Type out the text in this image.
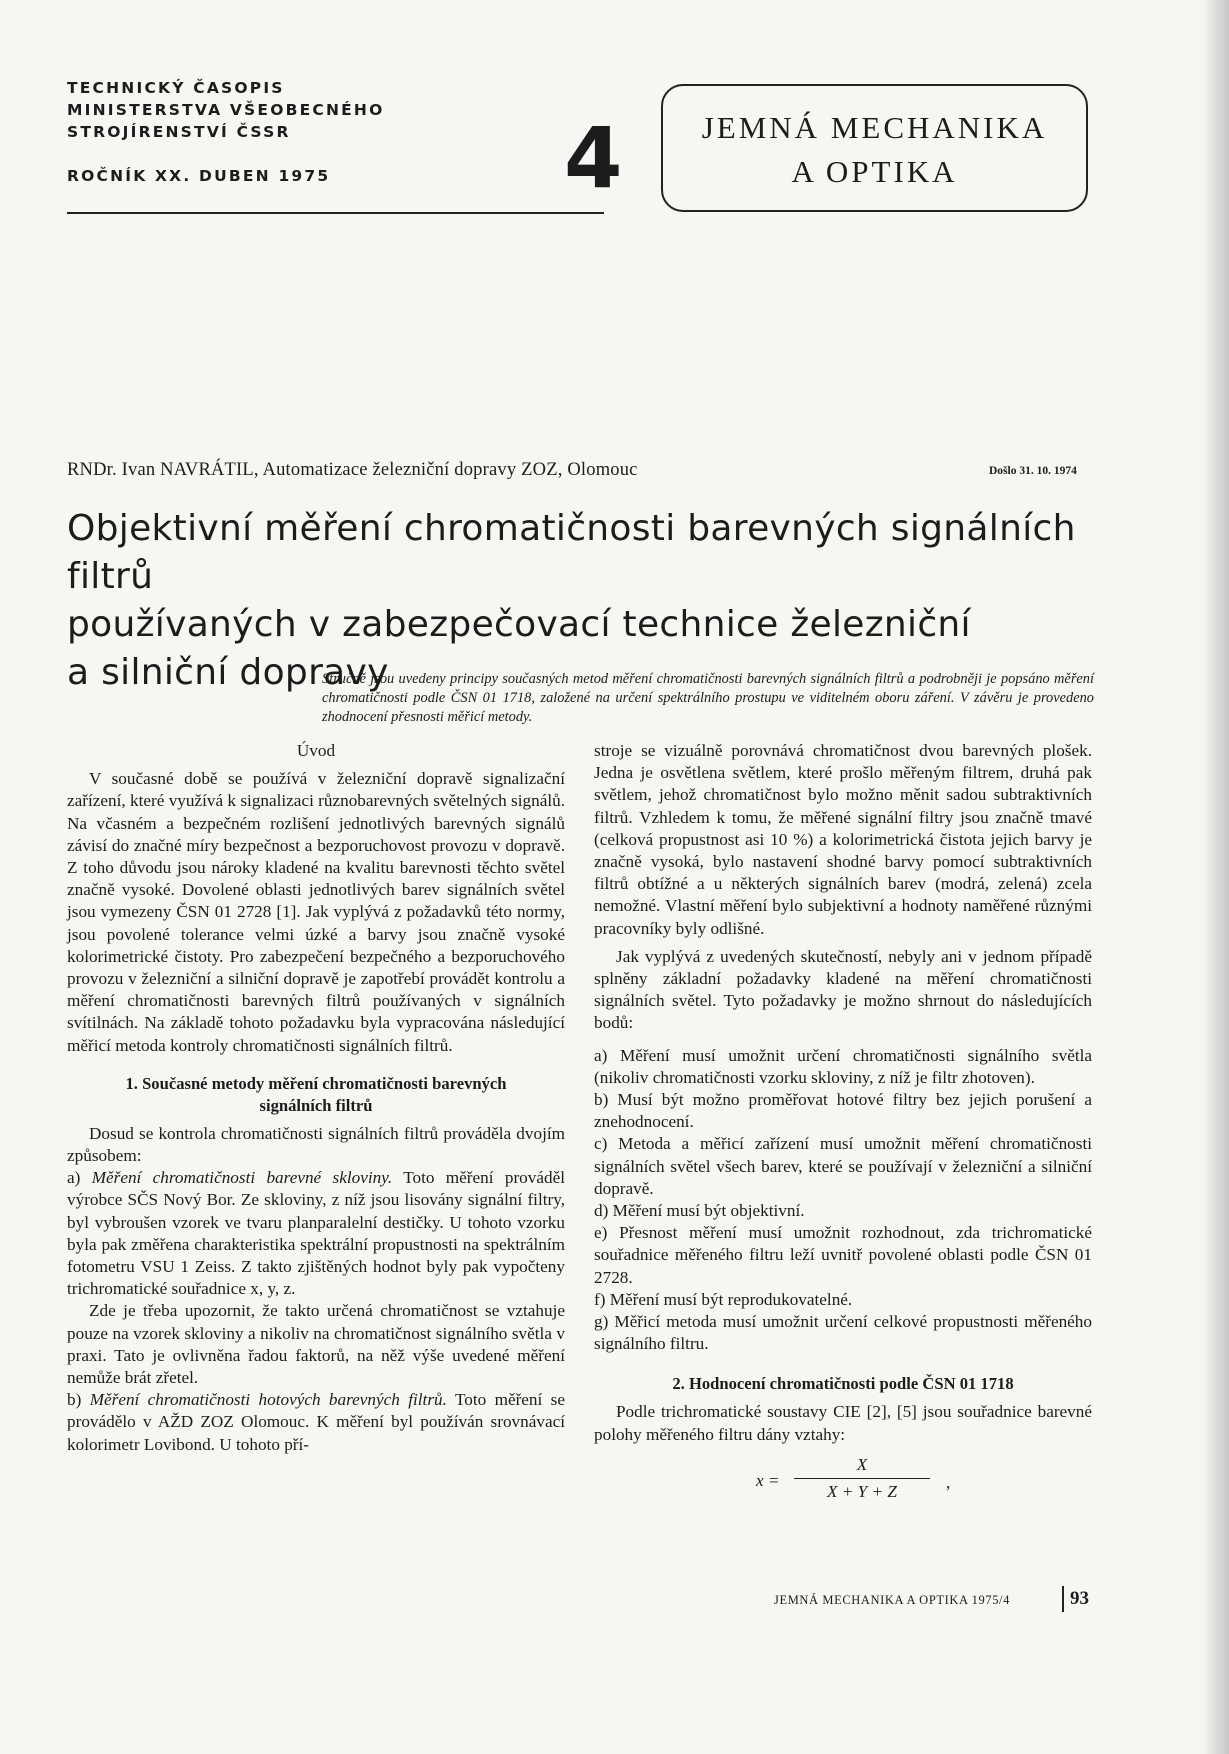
TECHNICKÝ ČASOPIS
MINISTERSTVA VŠEOBECNÉHO
STROJÍRENSTVÍ ČSSR
ROČNÍK XX. DUBEN 1975	4	JEMNÁ MECHANIKA
A OPTIKA
RNDr. Ivan NAVRÁTIL, Automatizace železniční dopravy ZOZ, Olomouc	Došlo 31. 10. 1974
Objektivní měření chromatičnosti barevných signálních filtrů
používaných v zabezpečovací technice železniční
a silniční dopravy
Stručně jsou uvedeny principy současných metod měření chromatičnosti barevných signálních filtrů a podrobněji je popsáno měření chromatičnosti podle ČSN 01 1718, založené na určení spektrálního prostupu ve viditelném oboru záření. V závěru je provedeno zhodnocení přesnosti měřicí metody.

Úvod

V současné době se používá v železniční dopravě signalizační zařízení, které využívá k signalizaci různobarevných světelných signálů. Na včasném a bezpečném rozlišení jednotlivých barevných signálů závisí do značné míry bezpečnost a bezporuchovost provozu v dopravě. Z toho důvodu jsou nároky kladené na kvalitu barevnosti těchto světel značně vysoké. Dovolené oblasti jednotlivých barev signálních světel jsou vymezeny ČSN 01 2728 [1]. Jak vyplývá z požadavků této normy, jsou povolené tolerance velmi úzké a barvy jsou značně vysoké kolorimetrické čistoty. Pro zabezpečení bezpečného a bezporuchového provozu v železniční a silniční dopravě je zapotřebí provádět kontrolu a měření chromatičnosti barevných filtrů používaných v signálních svítilnách. Na základě tohoto požadavku byla vypracována následující měřicí metoda kontroly chromatičnosti signálních filtrů.

1. Současné metody měření chromatičnosti barevných
signálních filtrů

Dosud se kontrola chromatičnosti signálních filtrů prováděla dvojím způsobem:

a) Měření chromatičnosti barevné skloviny. Toto měření prováděl výrobce SČS Nový Bor. Ze skloviny, z níž jsou lisovány signální filtry, byl vybroušen vzorek ve tvaru planparalelní destičky. U tohoto vzorku byla pak změřena charakteristika spektrální propustnosti na spektrálním fotometru VSU 1 Zeiss. Z takto zjištěných hodnot byly pak vypočteny trichromatické souřadnice x, y, z.

Zde je třeba upozornit, že takto určená chromatičnost se vztahuje pouze na vzorek skloviny a nikoliv na chromatičnost signálního světla v praxi. Tato je ovlivněna řadou faktorů, na něž výše uvedené měření nemůže brát zřetel.

b) Měření chromatičnosti hotových barevných filtrů. Toto měření se provádělo v AŽD ZOZ Olomouc. K měření byl používán srovnávací kolorimetr Lovibond. U tohoto pří-

stroje se vizuálně porovnává chromatičnost dvou barevných plošek. Jedna je osvětlena světlem, které prošlo měřeným filtrem, druhá pak světlem, jehož chromatičnost bylo možno měnit sadou subtraktivních filtrů. Vzhledem k tomu, že měřené signální filtry jsou značně tmavé (celková propustnost asi 10 %) a kolorimetrická čistota jejich barvy je značně vysoká, bylo nastavení shodné barvy pomocí subtraktivních filtrů obtížné a u některých signálních barev (modrá, zelená) zcela nemožné. Vlastní měření bylo subjektivní a hodnoty naměřené různými pracovníky byly odlišné.

Jak vyplývá z uvedených skutečností, nebyly ani v jednom případě splněny základní požadavky kladené na měření chromatičnosti signálních světel. Tyto požadavky je možno shrnout do následujících bodů:

a) Měření musí umožnit určení chromatičnosti signálního světla (nikoliv chromatičnosti vzorku skloviny, z níž je filtr zhotoven).

b) Musí být možno proměřovat hotové filtry bez jejich porušení a znehodnocení.

c) Metoda a měřicí zařízení musí umožnit měření chromatičnosti signálních světel všech barev, které se používají v železniční a silniční dopravě.

d) Měření musí být objektivní.

e) Přesnost měření musí umožnit rozhodnout, zda trichromatické souřadnice měřeného filtru leží uvnitř povolené oblasti podle ČSN 01 2728.

f) Měření musí být reprodukovatelné.

g) Měřicí metoda musí umožnit určení celkové propustnosti měřeného signálního filtru.

2. Hodnocení chromatičnosti podle ČSN 01 1718

Podle trichromatické soustavy CIE [2], [5] jsou souřadnice barevné polohy měřeného filtru dány vztahy:

$x = \frac{X}{X + Y + Z}$ ,
JEMNÁ MECHANIKA A OPTIKA 1975/4	93
